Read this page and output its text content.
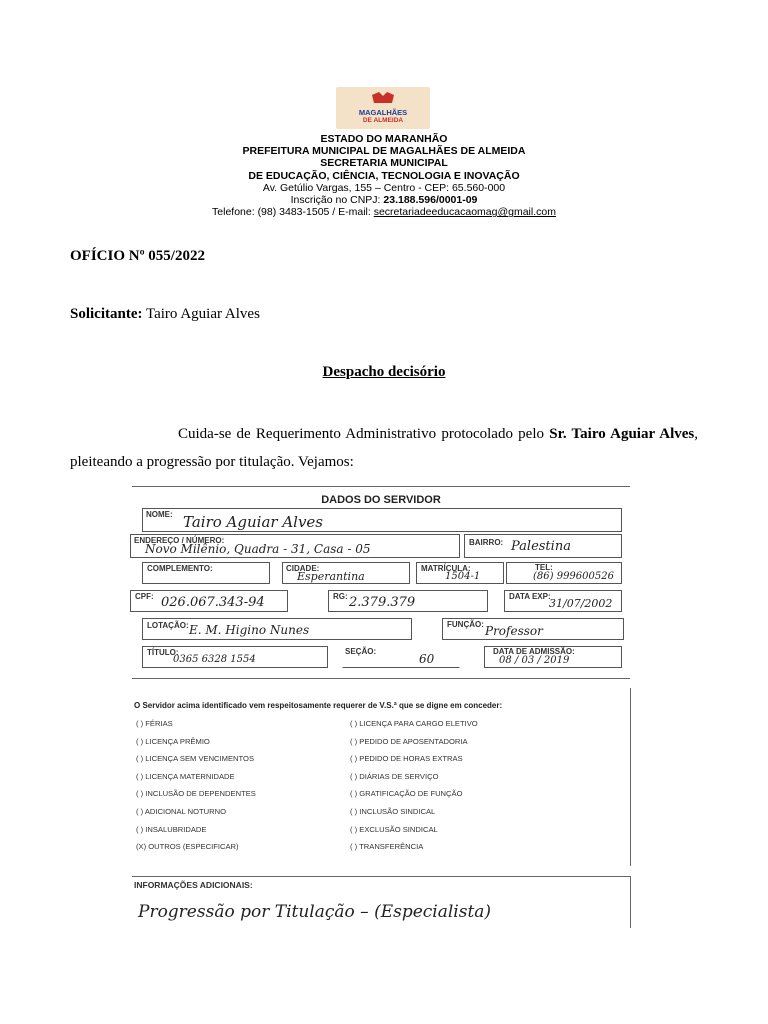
MAGALHÃES
DE ALMEIDA
ESTADO DO MARANHÃO
PREFEITURA MUNICIPAL DE MAGALHÃES DE ALMEIDA
SECRETARIA MUNICIPAL
DE EDUCAÇÃO, CIÊNCIA, TECNOLOGIA E INOVAÇÃO
Av. Getúlio Vargas, 155 – Centro - CEP: 65.560-000
Inscrição no CNPJ: 23.188.596/0001-09
Telefone: (98) 3483-1505 / E-mail: secretariadeeducacaomag@gmail.com
OFÍCIO Nº 055/2022
Solicitante: Tairo Aguiar Alves
Despacho decisório
Cuida-se de Requerimento Administrativo protocolado pelo Sr. Tairo Aguiar Alves, pleiteando a progressão por titulação. Vejamos:
DADOS DO SERVIDOR
NOME: Tairo Aguiar Alves
ENDEREÇO / NÚMERO:
Novo Milênio, Quadra - 31, Casa - 05	BAIRRO: Palestina
COMPLEMENTO:	CIDADE:
Esperantina
MATRÍCULA:
1504-1
TEL:
(86) 999600526
CPF: 026.067.343-94	RG: 2.379.379	DATA EXP:
31/07/2002
LOTAÇÃO: E. M. Higino Nunes	FUNÇÃO: Professor
TÍTULO:
0365 6328 1554
SEÇÃO:
60
DATA DE ADMISSÃO:
08 / 03 / 2019
O Servidor acima identificado vem respeitosamente requerer de V.S.ª que se digne em conceder:
( ) FÉRIAS
( ) LICENÇA PRÊMIO
( ) LICENÇA SEM VENCIMENTOS
( ) LICENÇA MATERNIDADE
( ) INCLUSÃO DE DEPENDENTES
( ) ADICIONAL NOTURNO
( ) INSALUBRIDADE
(X) OUTROS (ESPECIFICAR)
( ) LICENÇA PARA CARGO ELETIVO
( ) PEDIDO DE APOSENTADORIA
( ) PEDIDO DE HORAS EXTRAS
( ) DIÁRIAS DE SERVIÇO
( ) GRATIFICAÇÃO DE FUNÇÃO
( ) INCLUSÃO SINDICAL
( ) EXCLUSÃO SINDICAL
( ) TRANSFERÊNCIA
INFORMAÇÕES ADICIONAIS:
Progressão por Titulação – (Especialista)
